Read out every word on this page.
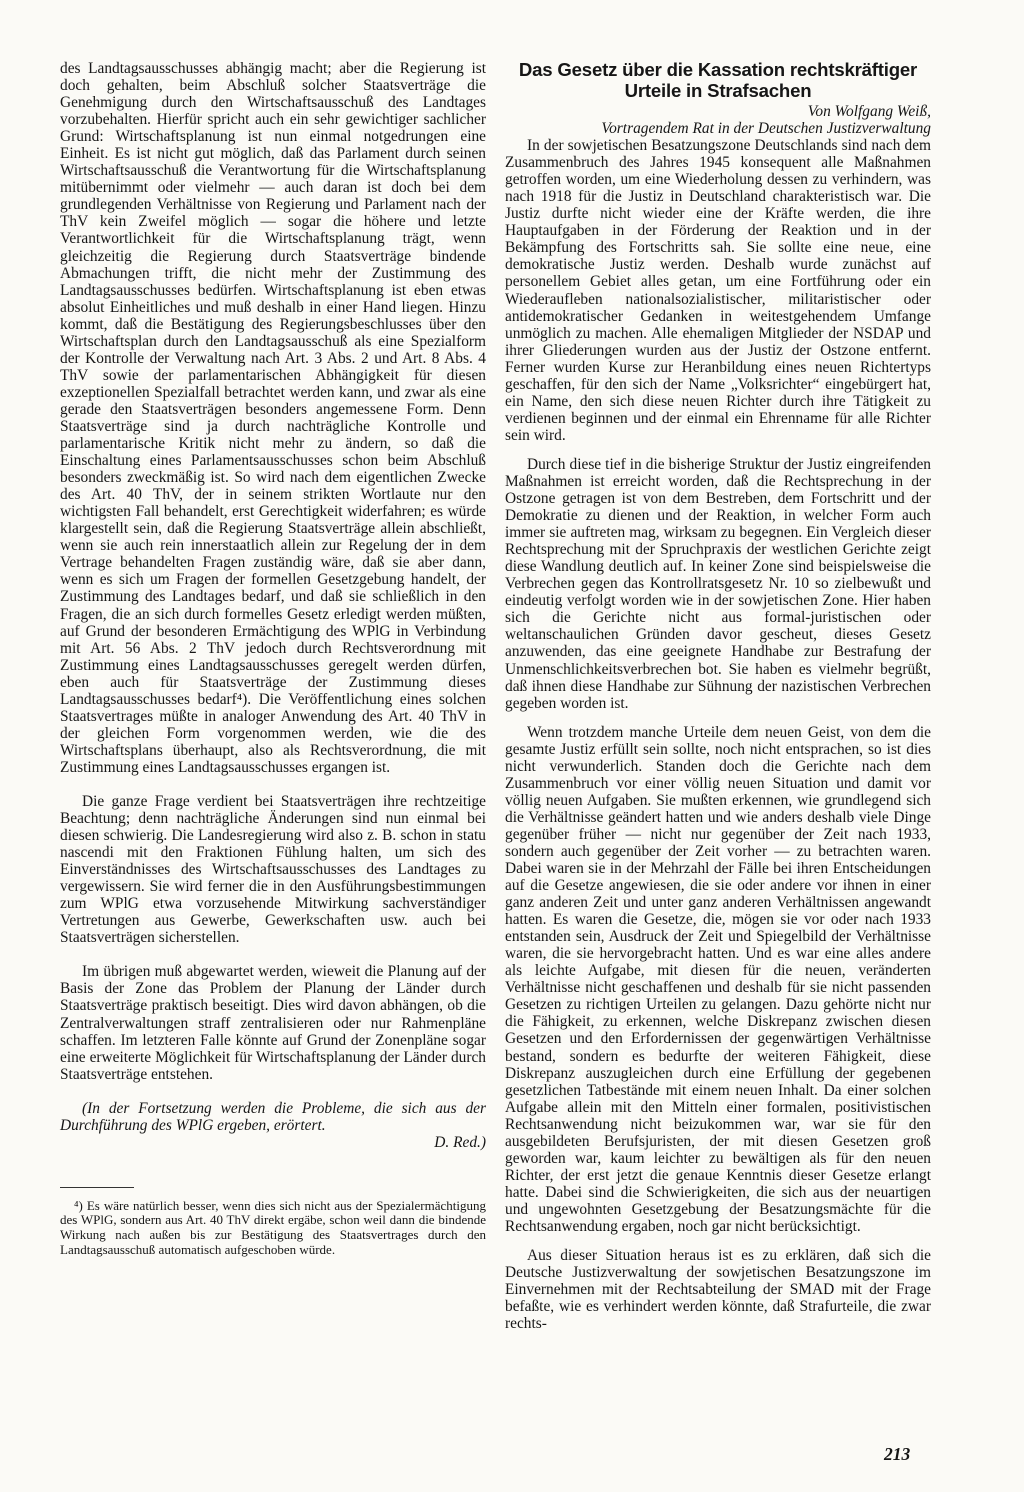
des Landtagsausschusses abhängig macht; aber die Regierung ist doch gehalten, beim Abschluß solcher Staatsverträge die Genehmigung durch den Wirtschaftsausschuß des Landtages vorzubehalten. Hierfür spricht auch ein sehr gewichtiger sachlicher Grund: Wirtschaftsplanung ist nun einmal notgedrungen eine Einheit. Es ist nicht gut möglich, daß das Parlament durch seinen Wirtschaftsausschuß die Verantwortung für die Wirtschaftsplanung mitübernimmt oder vielmehr — auch daran ist doch bei dem grundlegenden Verhältnisse von Regierung und Parlament nach der ThV kein Zweifel möglich — sogar die höhere und letzte Verantwortlichkeit für die Wirtschaftsplanung trägt, wenn gleichzeitig die Regierung durch Staatsverträge bindende Abmachungen trifft, die nicht mehr der Zustimmung des Landtagsausschusses bedürfen. Wirtschaftsplanung ist eben etwas absolut Einheitliches und muß deshalb in einer Hand liegen. Hinzu kommt, daß die Bestätigung des Regierungsbeschlusses über den Wirtschaftsplan durch den Landtagsausschuß als eine Spezialform der Kontrolle der Verwaltung nach Art. 3 Abs. 2 und Art. 8 Abs. 4 ThV sowie der parlamentarischen Abhängigkeit für diesen exzeptionellen Spezialfall betrachtet werden kann, und zwar als eine gerade den Staatsverträgen besonders angemessene Form. Denn Staatsverträge sind ja durch nachträgliche Kontrolle und parlamentarische Kritik nicht mehr zu ändern, so daß die Einschaltung eines Parlamentsausschusses schon beim Abschluß besonders zweckmäßig ist. So wird nach dem eigentlichen Zwecke des Art. 40 ThV, der in seinem strikten Wortlaute nur den wichtigsten Fall behandelt, erst Gerechtigkeit widerfahren; es würde klargestellt sein, daß die Regierung Staatsverträge allein abschließt, wenn sie auch rein innerstaatlich allein zur Regelung der in dem Vertrage behandelten Fragen zuständig wäre, daß sie aber dann, wenn es sich um Fragen der formellen Gesetzgebung handelt, der Zustimmung des Landtages bedarf, und daß sie schließlich in den Fragen, die an sich durch formelles Gesetz erledigt werden müßten, auf Grund der besonderen Ermächtigung des WPlG in Verbindung mit Art. 56 Abs. 2 ThV jedoch durch Rechtsverordnung mit Zustimmung eines Landtagsausschusses geregelt werden dürfen, eben auch für Staatsverträge der Zustimmung dieses Landtagsausschusses bedarf⁴). Die Veröffentlichung eines solchen Staatsvertrages müßte in analoger Anwendung des Art. 40 ThV in der gleichen Form vorgenommen werden, wie die des Wirtschaftsplans überhaupt, also als Rechtsverordnung, die mit Zustimmung eines Landtagsausschusses ergangen ist.

Die ganze Frage verdient bei Staatsverträgen ihre rechtzeitige Beachtung; denn nachträgliche Änderungen sind nun einmal bei diesen schwierig. Die Landesregierung wird also z. B. schon in statu nascendi mit den Fraktionen Fühlung halten, um sich des Einverständnisses des Wirtschaftsausschusses des Landtages zu vergewissern. Sie wird ferner die in den Ausführungsbestimmungen zum WPlG etwa vorzusehende Mitwirkung sachverständiger Vertretungen aus Gewerbe, Gewerkschaften usw. auch bei Staatsverträgen sicherstellen.

Im übrigen muß abgewartet werden, wieweit die Planung auf der Basis der Zone das Problem der Planung der Länder durch Staatsverträge praktisch beseitigt. Dies wird davon abhängen, ob die Zentralverwaltungen straff zentralisieren oder nur Rahmenpläne schaffen. Im letzteren Falle könnte auf Grund der Zonenpläne sogar eine erweiterte Möglichkeit für Wirtschaftsplanung der Länder durch Staatsverträge entstehen.

(In der Fortsetzung werden die Probleme, die sich aus der Durchführung des WPlG ergeben, erörtert.

D. Red.)

⁴) Es wäre natürlich besser, wenn dies sich nicht aus der Spezialermächtigung des WPlG, sondern aus Art. 40 ThV direkt ergäbe, schon weil dann die bindende Wirkung nach außen bis zur Bestätigung des Staatsvertrages durch den Landtagsausschuß automatisch aufgeschoben würde.

Das Gesetz über die Kassation rechtskräftiger
Urteile in Strafsachen

Von Wolfgang Weiß,

Vortragendem Rat in der Deutschen Justizverwaltung

In der sowjetischen Besatzungszone Deutschlands sind nach dem Zusammenbruch des Jahres 1945 konsequent alle Maßnahmen getroffen worden, um eine Wiederholung dessen zu verhindern, was nach 1918 für die Justiz in Deutschland charakteristisch war. Die Justiz durfte nicht wieder eine der Kräfte werden, die ihre Hauptaufgaben in der Förderung der Reaktion und in der Bekämpfung des Fortschritts sah. Sie sollte eine neue, eine demokratische Justiz werden. Deshalb wurde zunächst auf personellem Gebiet alles getan, um eine Fortführung oder ein Wiederaufleben nationalsozialistischer, militaristischer oder antidemokratischer Gedanken in weitestgehendem Umfange unmöglich zu machen. Alle ehemaligen Mitglieder der NSDAP und ihrer Gliederungen wurden aus der Justiz der Ostzone entfernt. Ferner wurden Kurse zur Heranbildung eines neuen Richtertyps geschaffen, für den sich der Name „Volksrichter“ eingebürgert hat, ein Name, den sich diese neuen Richter durch ihre Tätigkeit zu verdienen beginnen und der einmal ein Ehrenname für alle Richter sein wird.

Durch diese tief in die bisherige Struktur der Justiz eingreifenden Maßnahmen ist erreicht worden, daß die Rechtsprechung in der Ostzone getragen ist von dem Bestreben, dem Fortschritt und der Demokratie zu dienen und der Reaktion, in welcher Form auch immer sie auftreten mag, wirksam zu begegnen. Ein Vergleich dieser Rechtsprechung mit der Spruchpraxis der westlichen Gerichte zeigt diese Wandlung deutlich auf. In keiner Zone sind beispielsweise die Verbrechen gegen das Kontrollratsgesetz Nr. 10 so zielbewußt und eindeutig verfolgt worden wie in der sowjetischen Zone. Hier haben sich die Gerichte nicht aus formal-juristischen oder weltanschaulichen Gründen davor gescheut, dieses Gesetz anzuwenden, das eine geeignete Handhabe zur Bestrafung der Unmenschlichkeitsverbrechen bot. Sie haben es vielmehr begrüßt, daß ihnen diese Handhabe zur Sühnung der nazistischen Verbrechen gegeben worden ist.

Wenn trotzdem manche Urteile dem neuen Geist, von dem die gesamte Justiz erfüllt sein sollte, noch nicht entsprachen, so ist dies nicht verwunderlich. Standen doch die Gerichte nach dem Zusammenbruch vor einer völlig neuen Situation und damit vor völlig neuen Aufgaben. Sie mußten erkennen, wie grundlegend sich die Verhältnisse geändert hatten und wie anders deshalb viele Dinge gegenüber früher — nicht nur gegenüber der Zeit nach 1933, sondern auch gegenüber der Zeit vorher — zu betrachten waren. Dabei waren sie in der Mehrzahl der Fälle bei ihren Entscheidungen auf die Gesetze angewiesen, die sie oder andere vor ihnen in einer ganz anderen Zeit und unter ganz anderen Verhältnissen angewandt hatten. Es waren die Gesetze, die, mögen sie vor oder nach 1933 entstanden sein, Ausdruck der Zeit und Spiegelbild der Verhältnisse waren, die sie hervorgebracht hatten. Und es war eine alles andere als leichte Aufgabe, mit diesen für die neuen, veränderten Verhältnisse nicht geschaffenen und deshalb für sie nicht passenden Gesetzen zu richtigen Urteilen zu gelangen. Dazu gehörte nicht nur die Fähigkeit, zu erkennen, welche Diskrepanz zwischen diesen Gesetzen und den Erfordernissen der gegenwärtigen Verhältnisse bestand, sondern es bedurfte der weiteren Fähigkeit, diese Diskrepanz auszugleichen durch eine Erfüllung der gegebenen gesetzlichen Tatbestände mit einem neuen Inhalt. Da einer solchen Aufgabe allein mit den Mitteln einer formalen, positivistischen Rechtsanwendung nicht beizukommen war, war sie für den ausgebildeten Berufsjuristen, der mit diesen Gesetzen groß geworden war, kaum leichter zu bewältigen als für den neuen Richter, der erst jetzt die genaue Kenntnis dieser Gesetze erlangt hatte. Dabei sind die Schwierigkeiten, die sich aus der neuartigen und ungewohnten Gesetzgebung der Besatzungsmächte für die Rechtsanwendung ergaben, noch gar nicht berücksichtigt.

Aus dieser Situation heraus ist es zu erklären, daß sich die Deutsche Justizverwaltung der sowjetischen Besatzungszone im Einvernehmen mit der Rechtsabteilung der SMAD mit der Frage befaßte, wie es verhindert werden könnte, daß Strafurteile, die zwar rechts-

213
